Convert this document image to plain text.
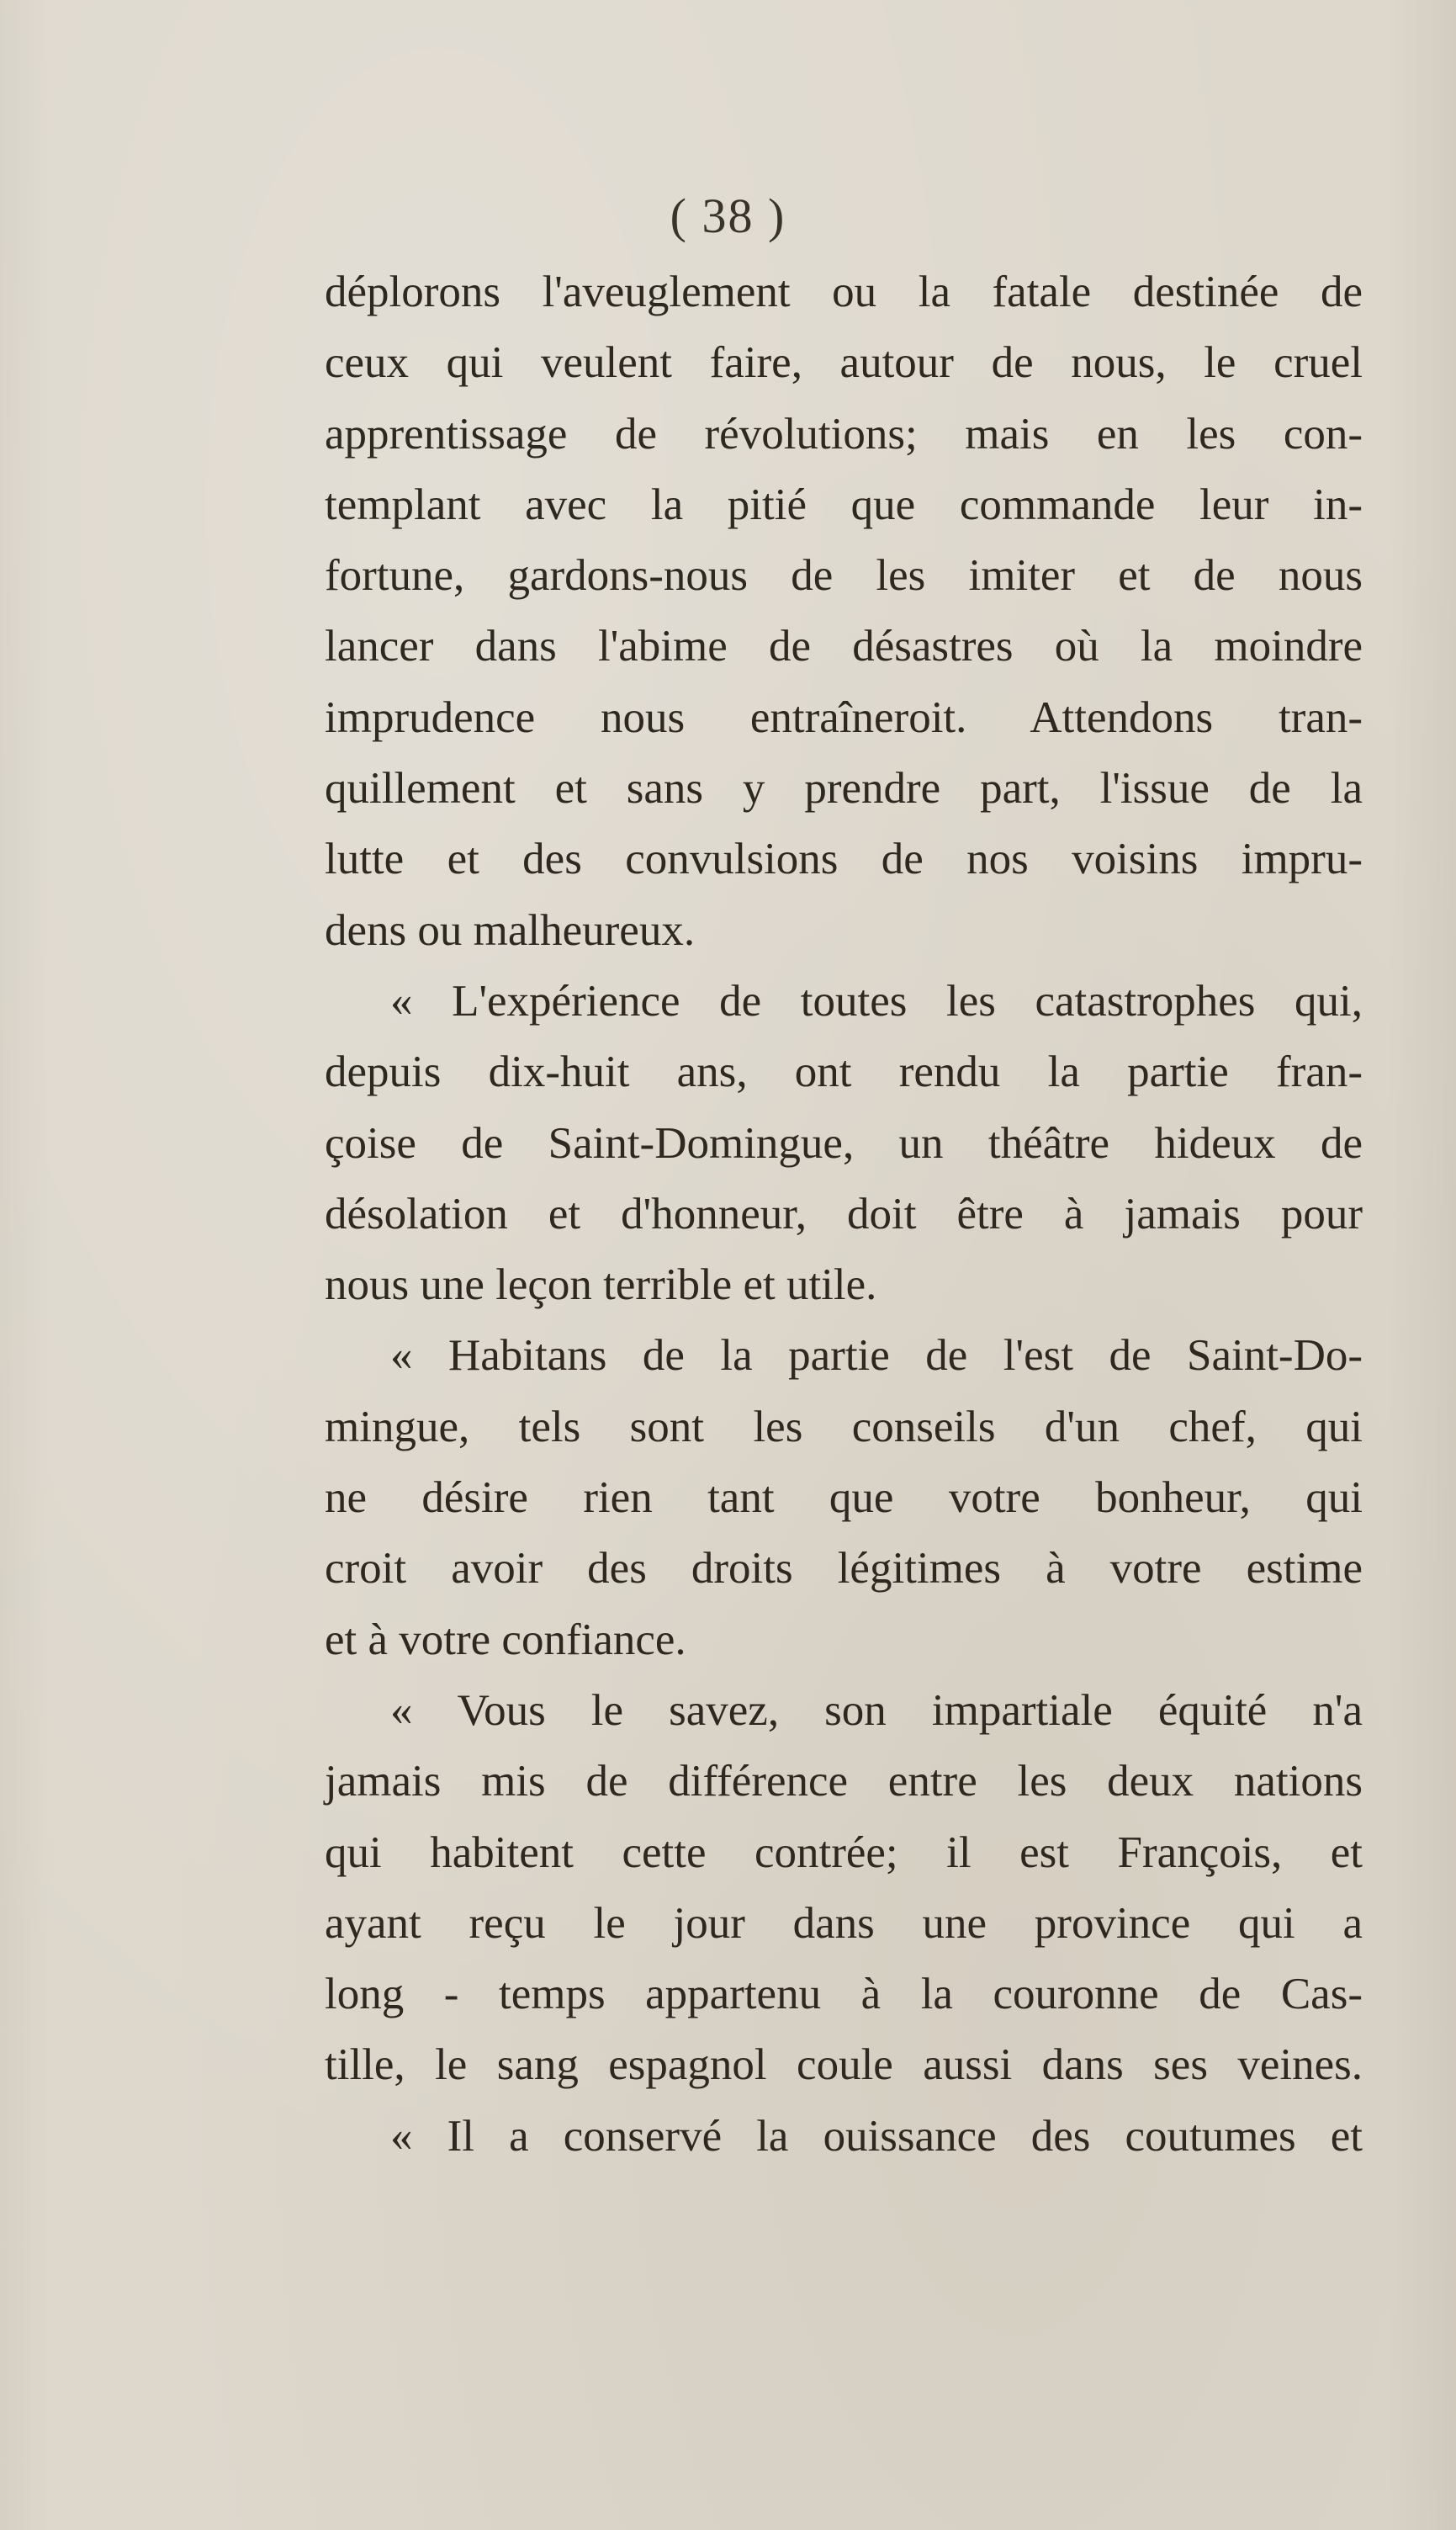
( 38 )
déplorons l'aveuglement ou la fatale destinée de
ceux qui veulent faire, autour de nous, le cruel
apprentissage de révolutions; mais en les con-
templant avec la pitié que commande leur in-
fortune, gardons-nous de les imiter et de nous
lancer dans l'abime de désastres où la moindre
imprudence nous entraîneroit. Attendons tran-
quillement et sans y prendre part, l'issue de la
lutte et des convulsions de nos voisins impru-
dens ou malheureux.
« L'expérience de toutes les catastrophes qui,
depuis dix-huit ans, ont rendu la partie fran-
çoise de Saint-Domingue, un théâtre hideux de
désolation et d'honneur, doit être à jamais pour
nous une leçon terrible et utile.
« Habitans de la partie de l'est de Saint-Do-
mingue, tels sont les conseils d'un chef, qui
ne désire rien tant que votre bonheur, qui
croit avoir des droits légitimes à votre estime
et à votre confiance.
« Vous le savez, son impartiale équité n'a
jamais mis de différence entre les deux nations
qui habitent cette contrée; il est François, et
ayant reçu le jour dans une province qui a
long - temps appartenu à la couronne de Cas-
tille, le sang espagnol coule aussi dans ses veines.
« Il a conservé la ouissance des coutumes et
